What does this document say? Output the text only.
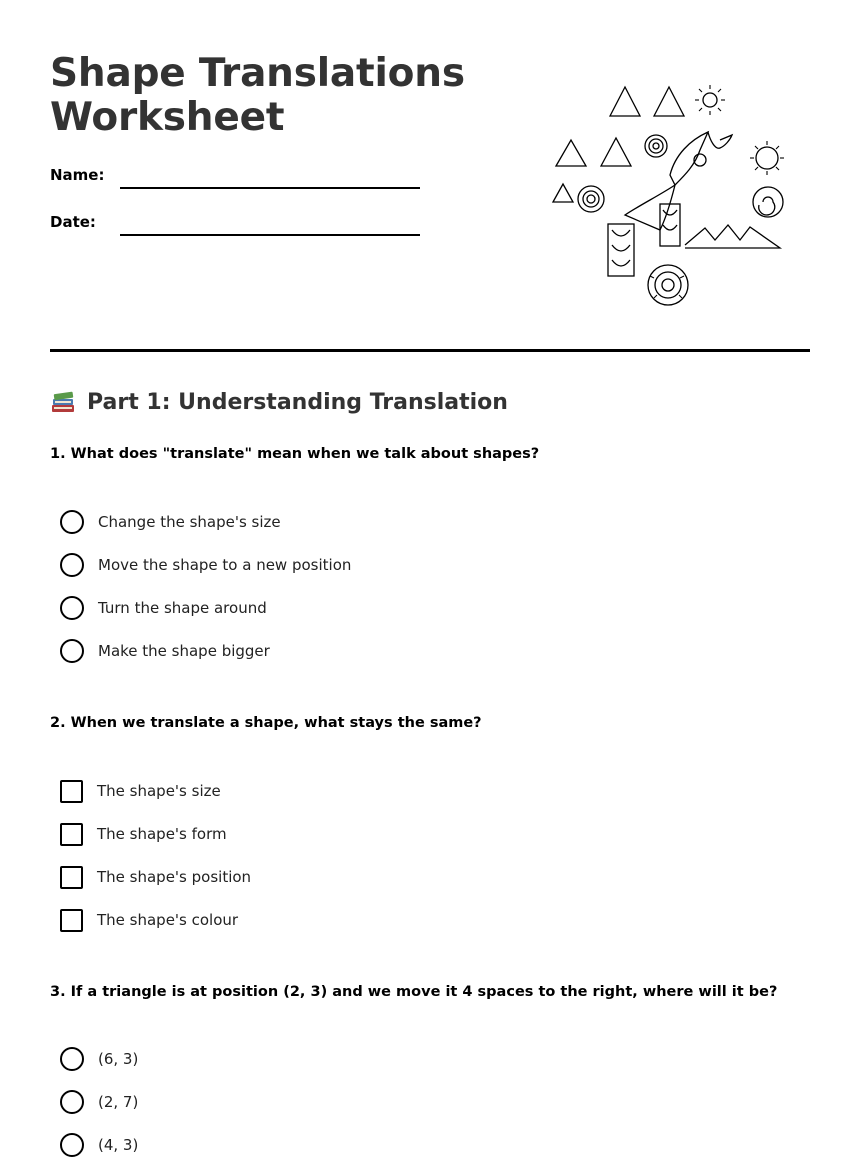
Shape Translations
Worksheet
Name:
Date:
Part 1: Understanding Translation

1. What does "translate" mean when we talk about shapes?

Change the shape's size
Move the shape to a new position
Turn the shape around
Make the shape bigger

2. When we translate a shape, what stays the same?

The shape's size
The shape's form
The shape's position
The shape's colour

3. If a triangle is at position (2, 3) and we move it 4 spaces to the right, where will it be?

(6, 3)
(2, 7)
(4, 3)
